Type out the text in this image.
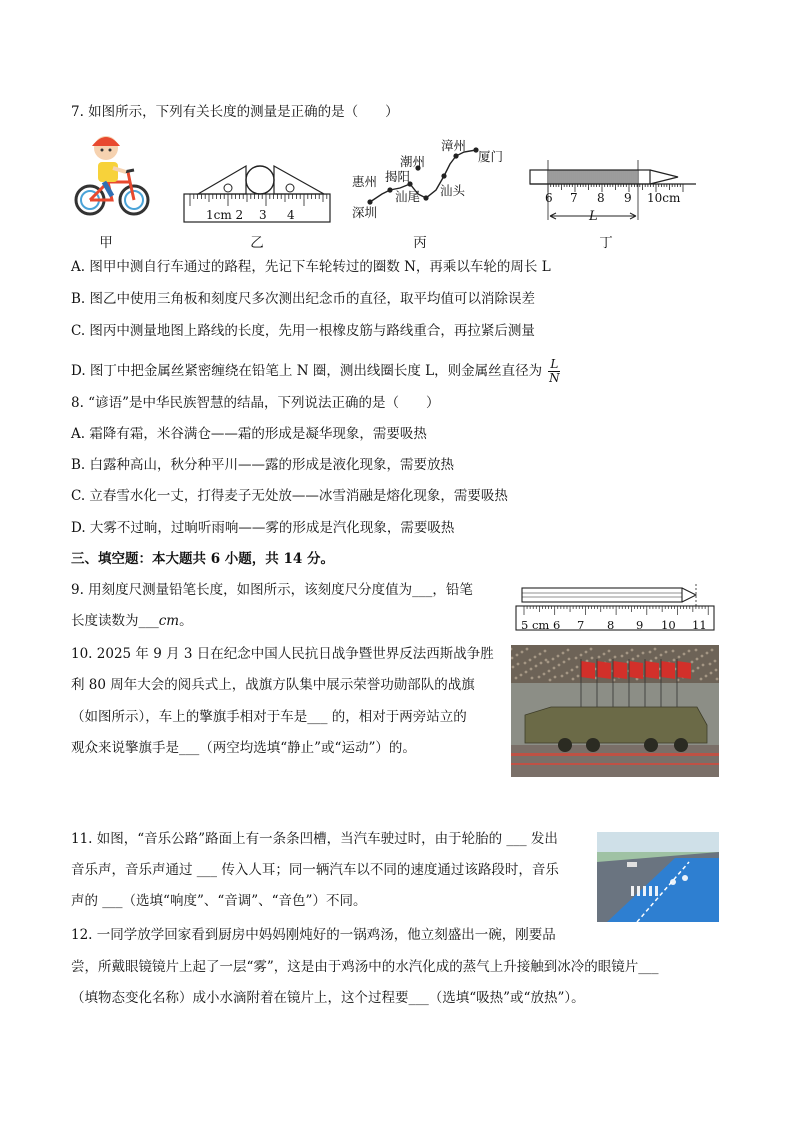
7. 如图所示，下列有关长度的测量是正确的是（　　）
甲
1cm 2 3 4
乙
漳州
厦门
潮州
惠州 揭阳
汕尾 汕头
深圳
丙
6 7 8 9 10cm
L
丁
A. 图甲中测自行车通过的路程，先记下车轮转过的圈数 N，再乘以车轮的周长 L
B. 图乙中使用三角板和刻度尺多次测出纪念币的直径，取平均值可以消除误差
C. 图丙中测量地图上路线的长度，先用一根橡皮筋与路线重合，再拉紧后测量
D. 图丁中把金属丝紧密缠绕在铅笔上 N 圈，测出线圈长度 L，则金属丝直径为 $\frac{L}{N}$
8. “谚语”是中华民族智慧的结晶，下列说法正确的是（　　）
A. 霜降有霜，米谷满仓——霜的形成是凝华现象，需要吸热
B. 白露种高山，秋分种平川——露的形成是液化现象，需要放热
C. 立春雪水化一丈，打得麦子无处放——冰雪消融是熔化现象，需要吸热
D. 大雾不过晌，过晌听雨响——雾的形成是汽化现象，需要吸热
三、填空题：本大题共 6 小题，共 14 分。
9. 用刻度尺测量铅笔长度，如图所示，该刻度尺分度值为___，铅笔
长度读数为___cm。	5 cm 6 7 8 9 10 11
10. 2025 年 9 月 3 日在纪念中国人民抗日战争暨世界反法西斯战争胜
利 80 周年大会的阅兵式上，战旗方队集中展示荣誉功勋部队的战旗
（如图所示），车上的擎旗手相对于车是___ 的，相对于两旁站立的
观众来说擎旗手是___（两空均选填“静止”或“运动”）的。
11. 如图，“音乐公路”路面上有一条条凹槽，当汽车驶过时，由于轮胎的 ___ 发出
音乐声，音乐声通过 ___ 传入人耳；同一辆汽车以不同的速度通过该路段时，音乐
声的 ___（选填“响度”、“音调”、“音色”）不同。
12. 一同学放学回家看到厨房中妈妈刚炖好的一锅鸡汤，他立刻盛出一碗，刚要品
尝，所戴眼镜镜片上起了一层“雾”，这是由于鸡汤中的水汽化成的蒸气上升接触到冰冷的眼镜片___
（填物态变化名称）成小水滴附着在镜片上，这个过程要___（选填“吸热”或“放热”）。
